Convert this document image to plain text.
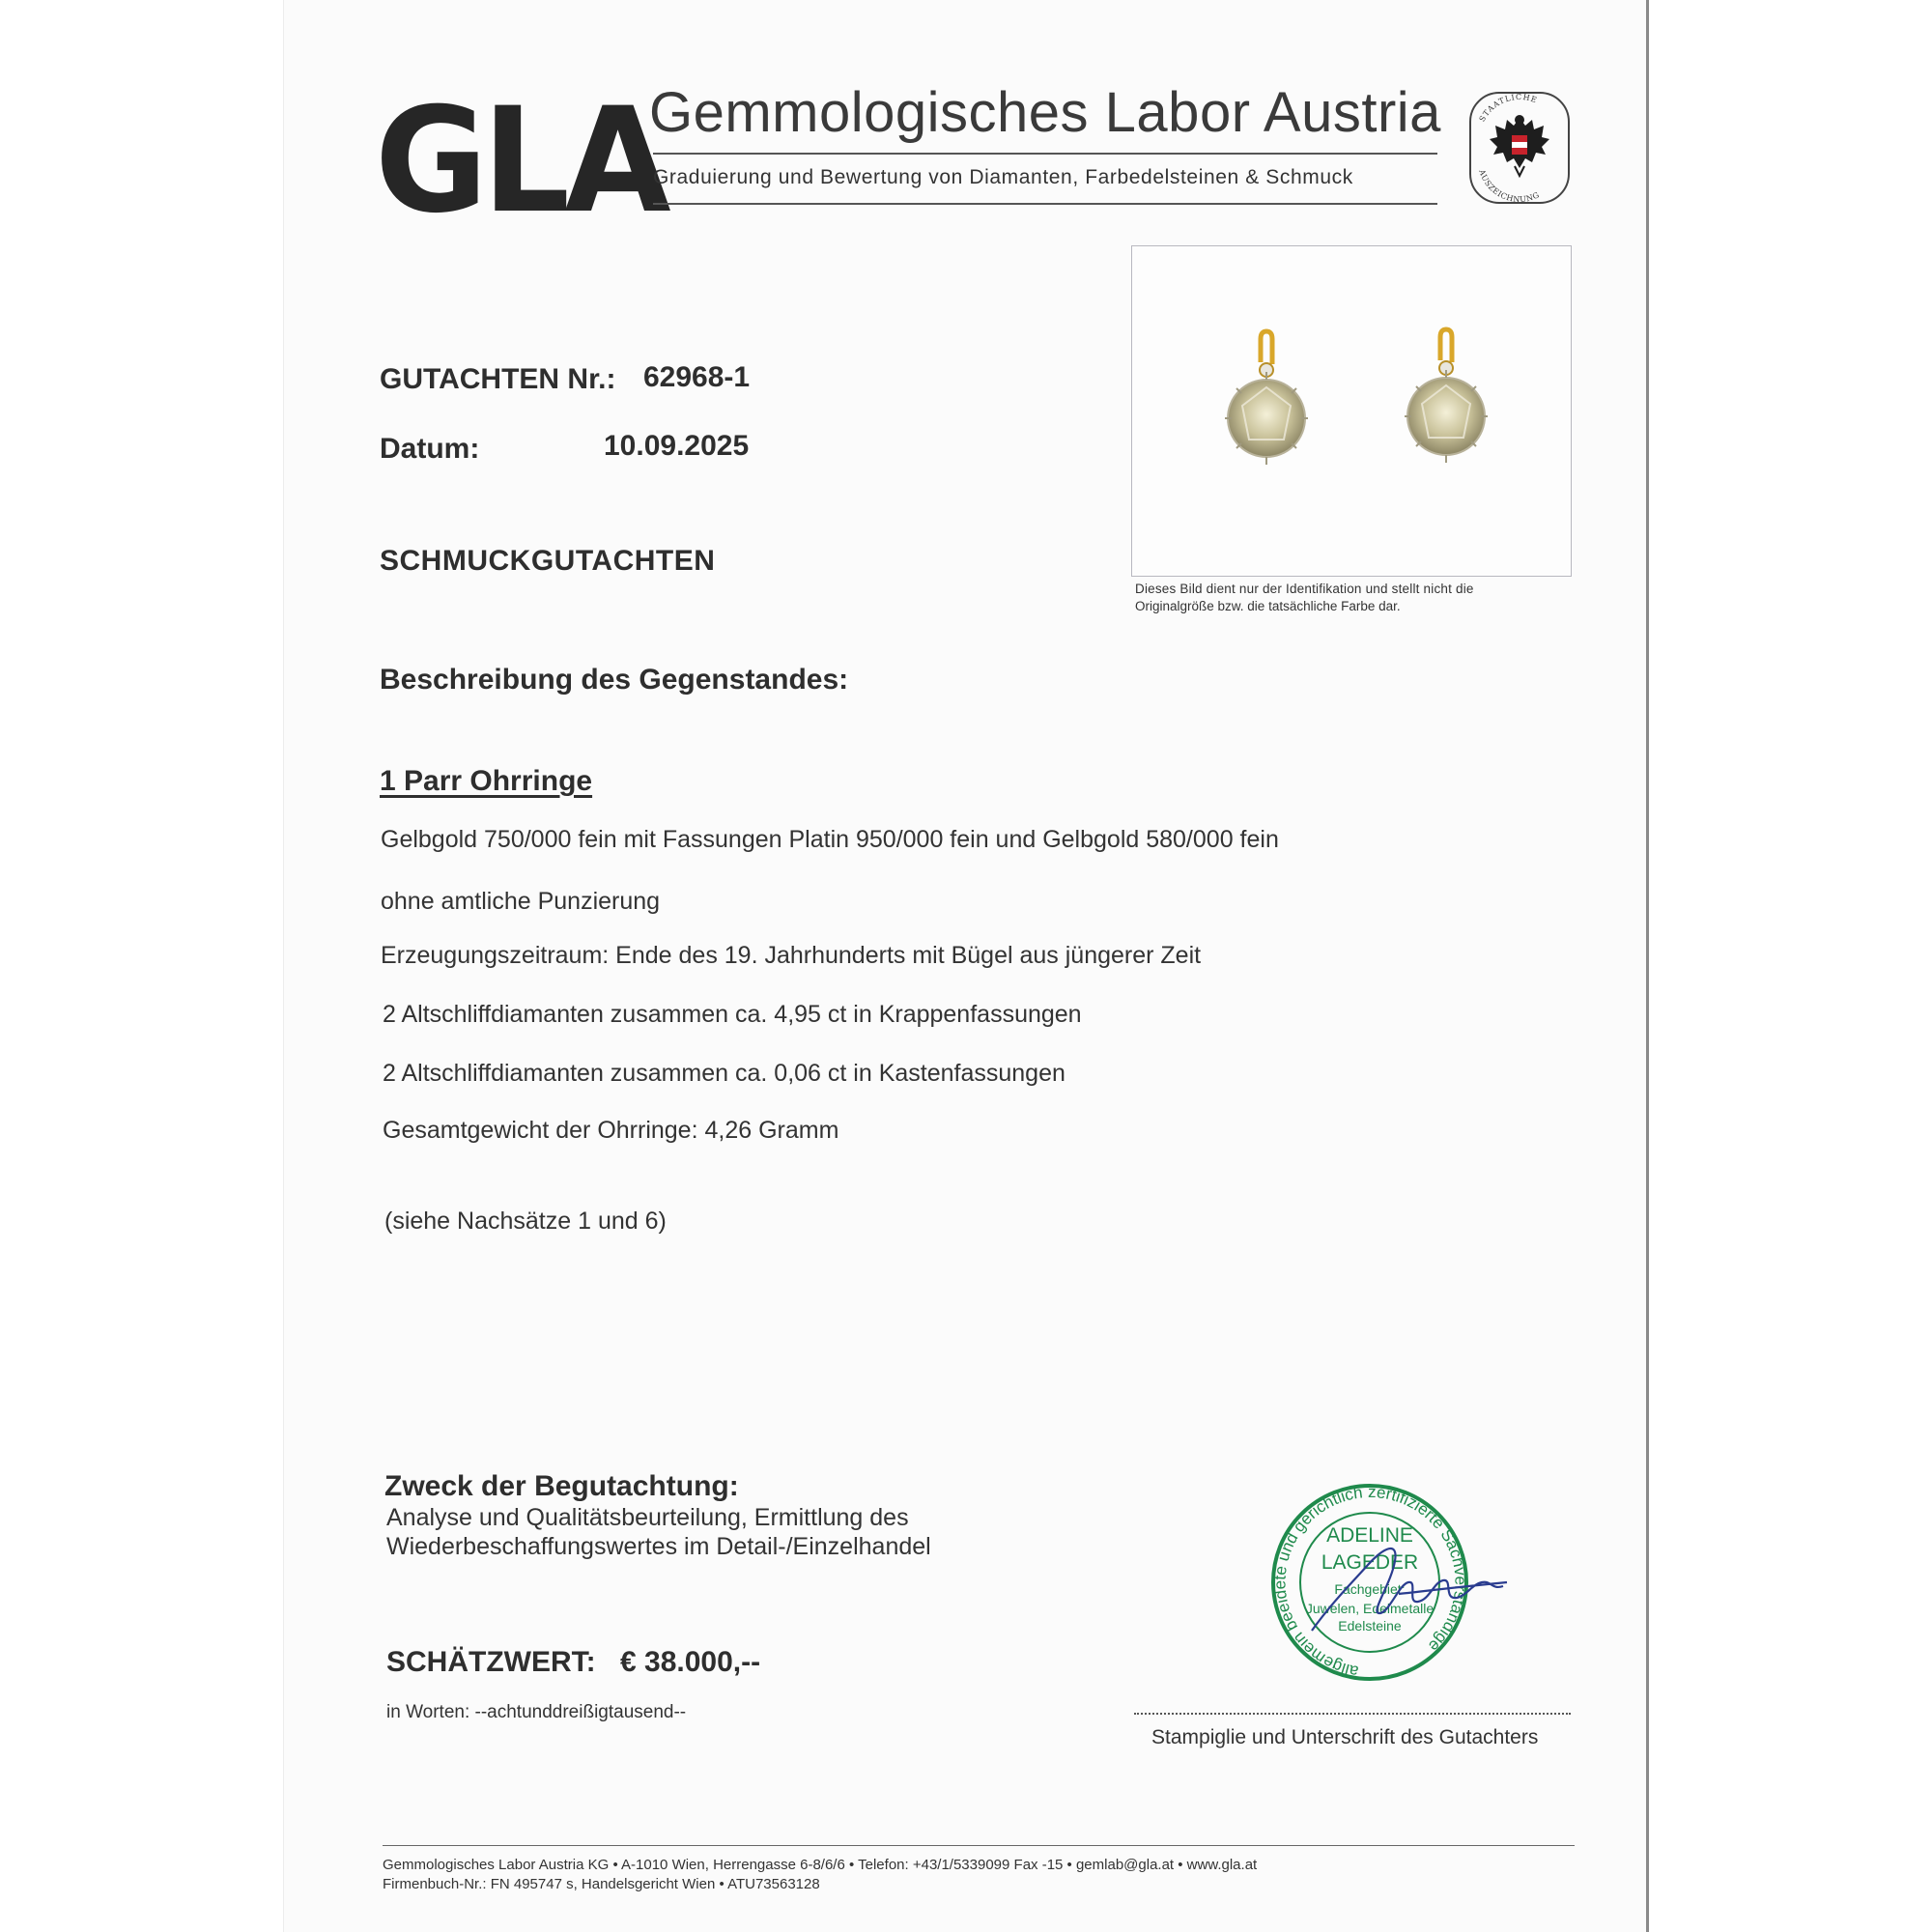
GLA
Gemmologisches Labor Austria
Graduierung und Bewertung von Diamanten, Farbedelsteinen & Schmuck
STAATLICHE
AUSZEICHNUNG
GUTACHTEN Nr.: 62968-1
Datum:	10.09.2025
SCHMUCKGUTACHTEN
Dieses Bild dient nur der Identifikation und stellt nicht die
Originalgröße bzw. die tatsächliche Farbe dar.
Beschreibung des Gegenstandes:
1 Parr Ohrringe
Gelbgold 750/000 fein mit Fassungen Platin 950/000 fein und Gelbgold 580/000 fein
ohne amtliche Punzierung
Erzeugungszeitraum: Ende des 19. Jahrhunderts mit Bügel aus jüngerer Zeit
2 Altschliffdiamanten zusammen ca. 4,95 ct in Krappenfassungen
2 Altschliffdiamanten zusammen ca. 0,06 ct in Kastenfassungen
Gesamtgewicht der Ohrringe: 4,26 Gramm
(siehe Nachsätze 1 und 6)
Zweck der Begutachtung:
Analyse und Qualitätsbeurteilung, Ermittlung des
Wiederbeschaffungswertes im Detail-/Einzelhandel
SCHÄTZWERT: € 38.000,--
in Worten: --achtunddreißigtausend--
allgemein beeidete und gerichtlich zertifizierte Sachverständige
ADELINE
LAGEDER
Fachgebiet:
Juwelen, Edelmetalle
Edelsteine
Stampiglie und Unterschrift des Gutachters
Gemmologisches Labor Austria KG • A-1010 Wien, Herrengasse 6-8/6/6 • Telefon: +43/1/5339099 Fax -15 • gemlab@gla.at • www.gla.at
Firmenbuch-Nr.: FN 495747 s, Handelsgericht Wien • ATU73563128
